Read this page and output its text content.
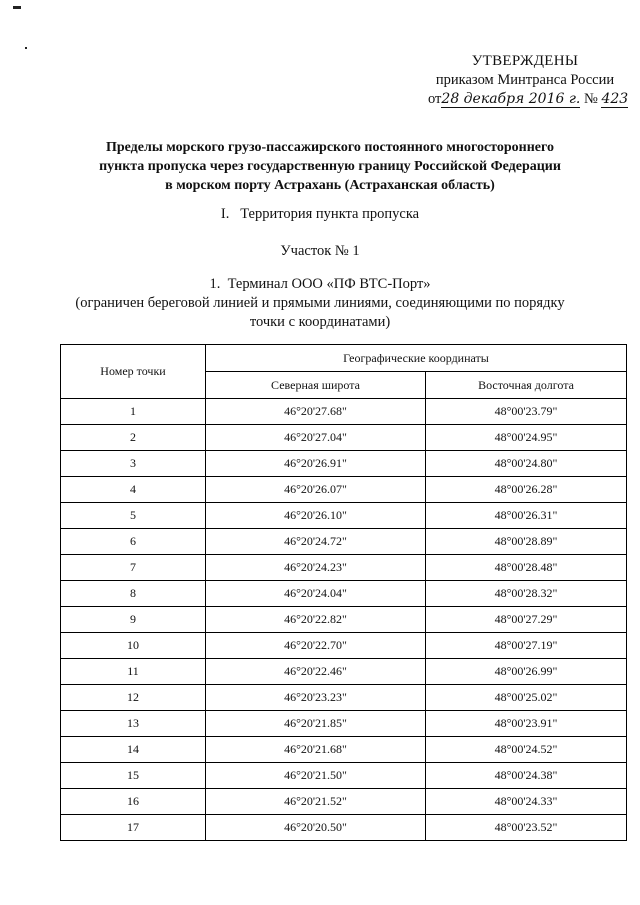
УТВЕРЖДЕНЫ
приказом Минтранса России
от28 декабря 2016 г. № 423
Пределы морского грузо-пассажирского постоянного многостороннего
пункта пропуска через государственную границу Российской Федерации
в морском порту Астрахань (Астраханская область)
I.   Территория пункта пропуска
Участок № 1
1.  Терминал ООО «ПФ ВТС-Порт»
(ограничен береговой линией и прямыми линиями, соединяющими по порядку
точки с координатами)
Номер точки	Географические координаты	
	Северная широта	Восточная долгота
1	46°20'27.68"	48°00'23.79"
2	46°20'27.04"	48°00'24.95"
3	46°20'26.91"	48°00'24.80"
4	46°20'26.07"	48°00'26.28"
5	46°20'26.10"	48°00'26.31"
6	46°20'24.72"	48°00'28.89"
7	46°20'24.23"	48°00'28.48"
8	46°20'24.04"	48°00'28.32"
9	46°20'22.82"	48°00'27.29"
10	46°20'22.70"	48°00'27.19"
11	46°20'22.46"	48°00'26.99"
12	46°20'23.23"	48°00'25.02"
13	46°20'21.85"	48°00'23.91"
14	46°20'21.68"	48°00'24.52"
15	46°20'21.50"	48°00'24.38"
16	46°20'21.52"	48°00'24.33"
17	46°20'20.50"	48°00'23.52"
